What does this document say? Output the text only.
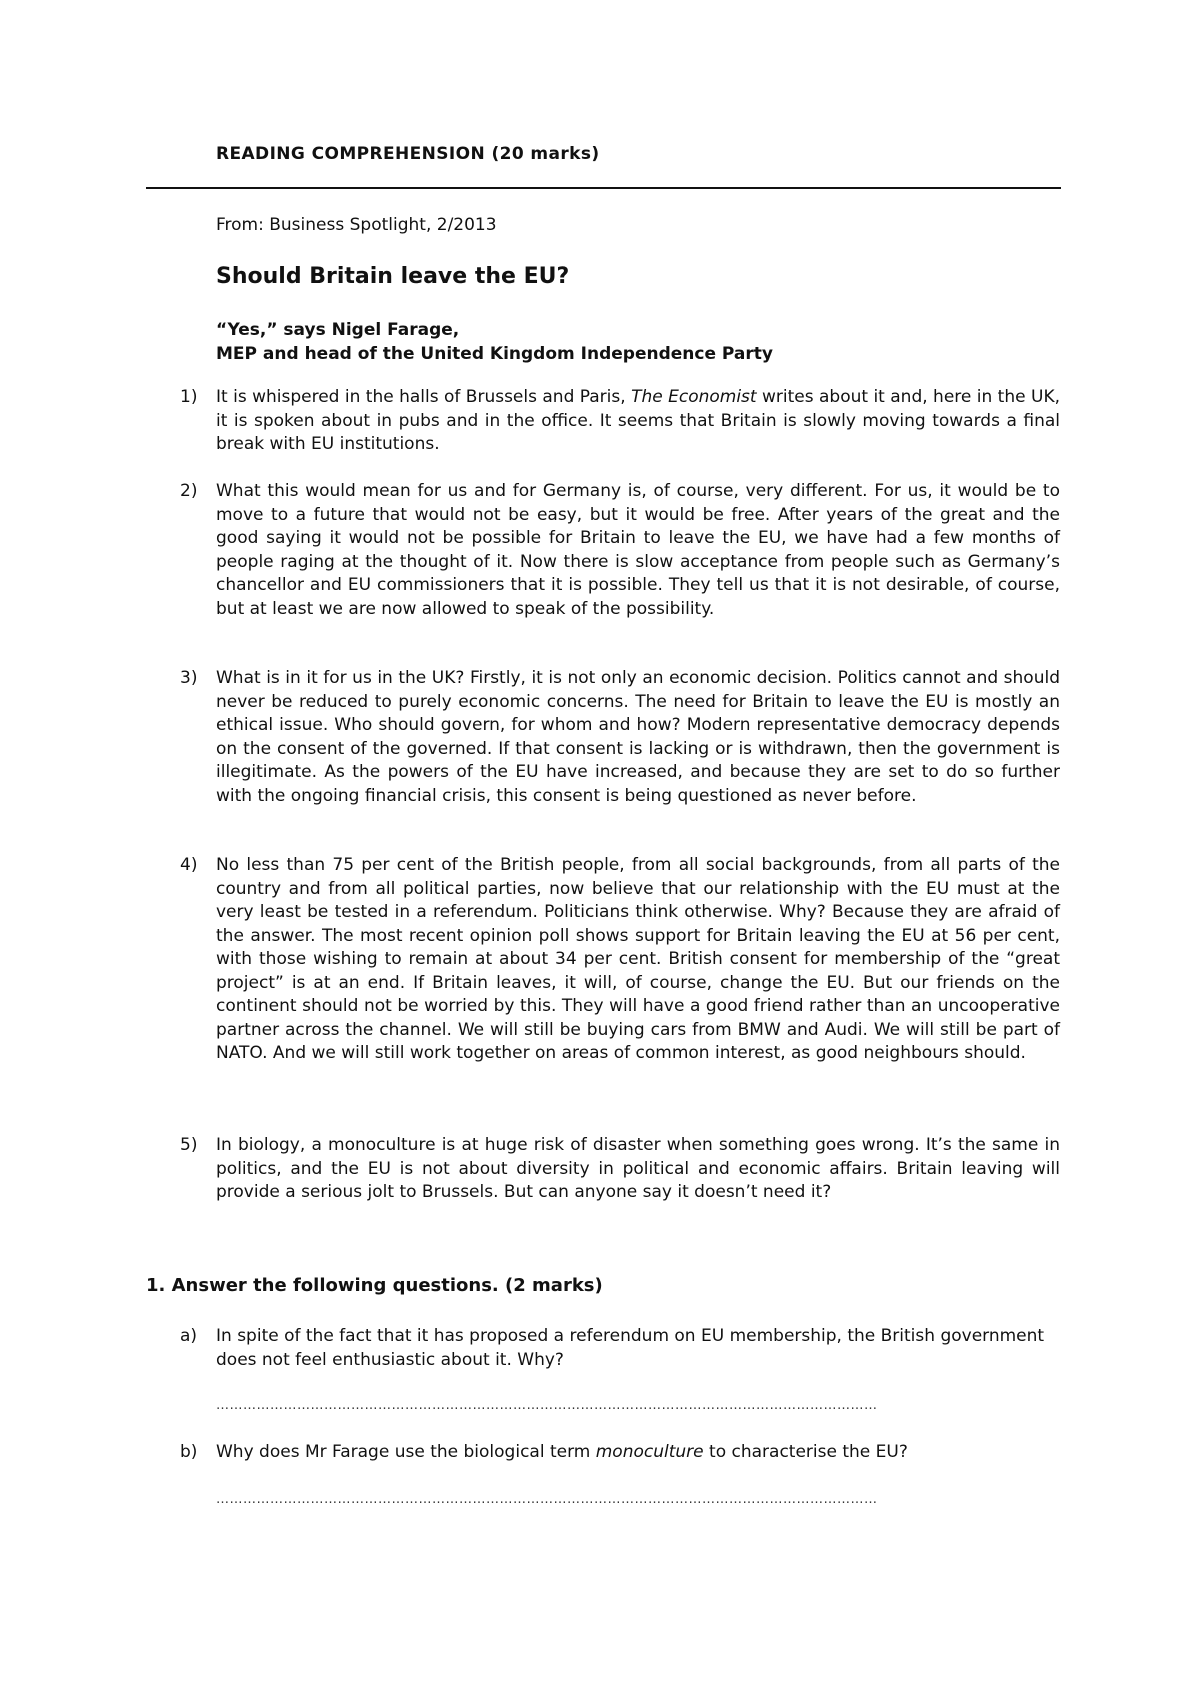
READING COMPREHENSION (20 marks)
From: Business Spotlight, 2/2013
Should Britain leave the EU?
“Yes,” says Nigel Farage,
MEP and head of the United Kingdom Independence Party
1)	It is whispered in the halls of Brussels and Paris, The Economist writes about it and, here in the UK, it is spoken about in pubs and in the office. It seems that Britain is slowly moving towards a final break with EU institutions.
2)	What this would mean for us and for Germany is, of course, very different. For us, it would be to move to a future that would not be easy, but it would be free. After years of the great and the good saying it would not be possible for Britain to leave the EU, we have had a few months of people raging at the thought of it. Now there is slow acceptance from people such as Germany’s chancellor and EU commissioners that it is possible. They tell us that it is not desirable, of course, but at least we are now allowed to speak of the possibility.
3)	What is in it for us in the UK? Firstly, it is not only an economic decision. Politics cannot and should never be reduced to purely economic concerns. The need for Britain to leave the EU is mostly an ethical issue. Who should govern, for whom and how? Modern representative democracy depends on the consent of the governed. If that consent is lacking or is withdrawn, then the government is illegitimate. As the powers of the EU have increased, and because they are set to do so further with the ongoing financial crisis, this consent is being questioned as never before.
4)	No less than 75 per cent of the British people, from all social backgrounds, from all parts of the country and from all political parties, now believe that our relationship with the EU must at the very least be tested in a referendum. Politicians think otherwise. Why? Because they are afraid of the answer. The most recent opinion poll shows support for Britain leaving the EU at 56 per cent, with those wishing to remain at about 34 per cent. British consent for membership of the “great project” is at an end. If Britain leaves, it will, of course, change the EU. But our friends on the continent should not be worried by this. They will have a good friend rather than an uncooperative partner across the channel. We will still be buying cars from BMW and Audi. We will still be part of NATO. And we will still work together on areas of common interest, as good neighbours should.
5)	In biology, a monoculture is at huge risk of disaster when something goes wrong. It’s the same in politics, and the EU is not about diversity in political and economic affairs. Britain leaving will provide a serious jolt to Brussels. But can anyone say it doesn’t need it?
1. Answer the following questions. (2 marks)
a)	In spite of the fact that it has proposed a referendum on EU membership, the British government does not feel enthusiastic about it. Why?
…………………………………………………………………………………………………………………………………
b)	Why does Mr Farage use the biological term monoculture to characterise the EU?
…………………………………………………………………………………………………………………………………
